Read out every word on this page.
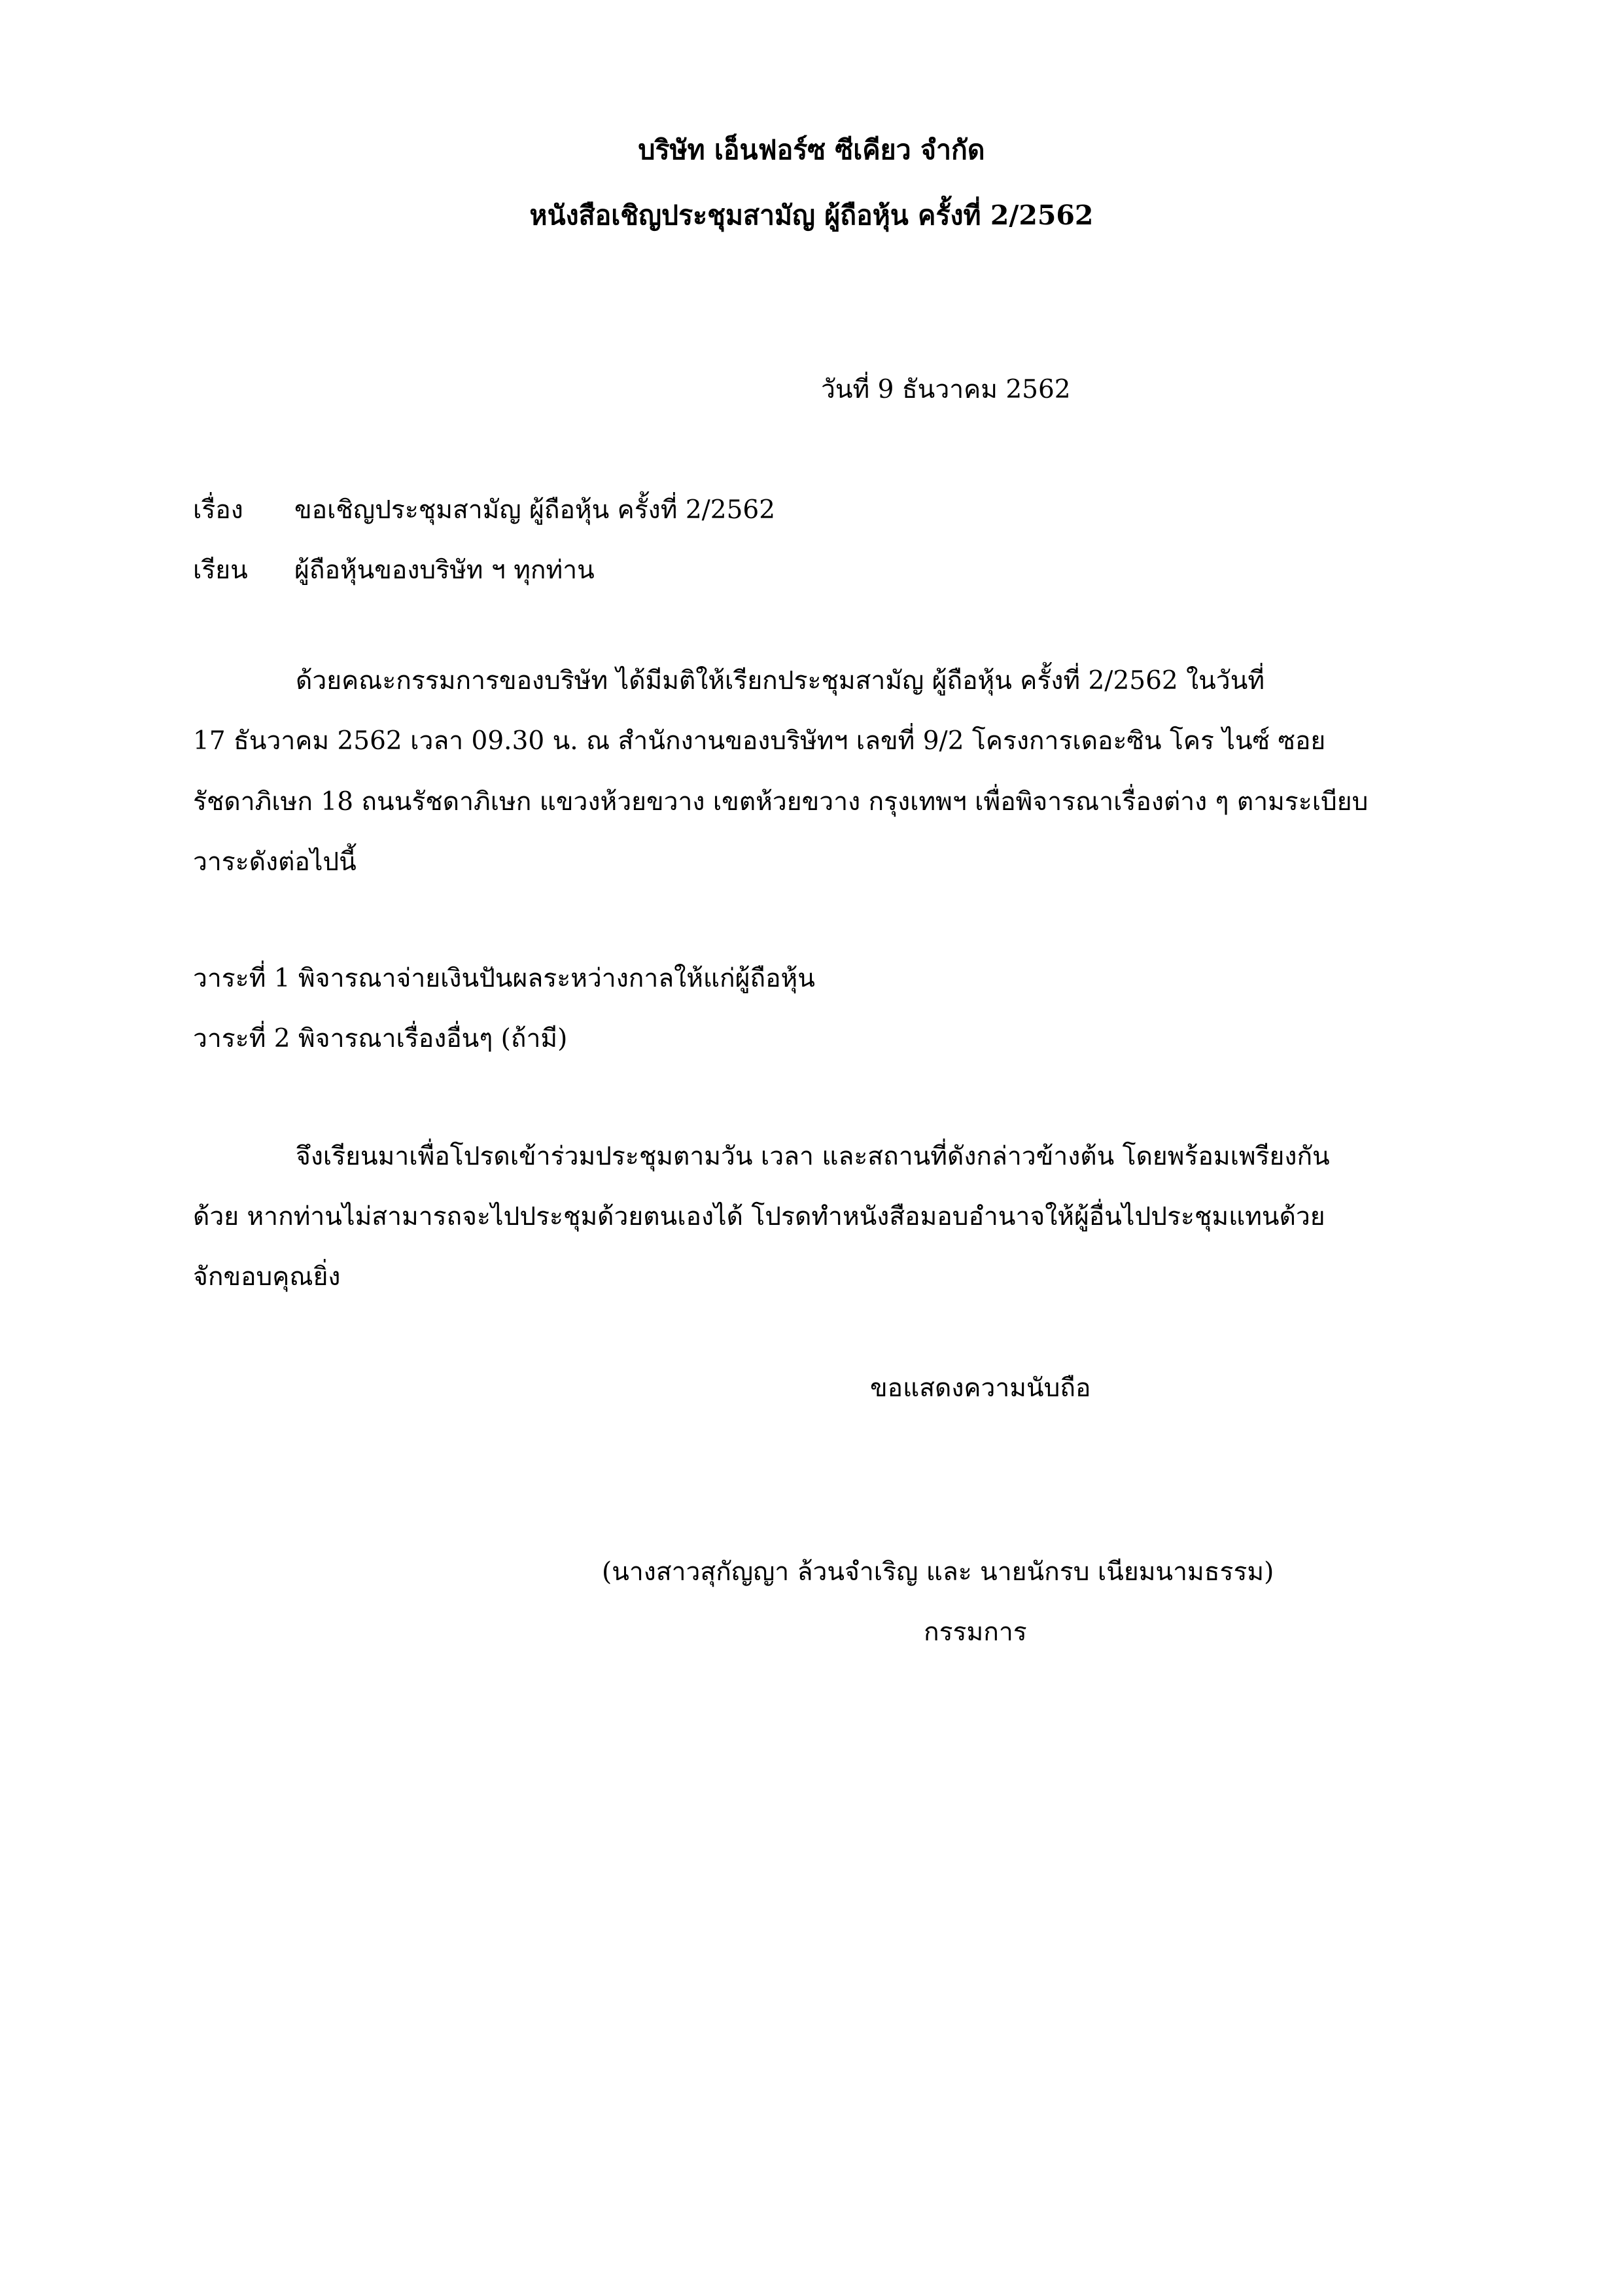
บริษัท เอ็นฟอร์ซ ซีเคียว จำกัด
หนังสือเชิญประชุมสามัญ ผู้ถือหุ้น ครั้งที่ 2/2562
วันที่ 9 ธันวาคม 2562
เรื่อง ขอเชิญประชุมสามัญ ผู้ถือหุ้น ครั้งที่ 2/2562
เรียน ผู้ถือหุ้นของบริษัท ฯ ทุกท่าน
ด้วยคณะกรรมการของบริษัท ได้มีมติให้เรียกประชุมสามัญ ผู้ถือหุ้น ครั้งที่ 2/2562 ในวันที่
17 ธันวาคม 2562 เวลา 09.30 น. ณ สำนักงานของบริษัทฯ เลขที่ 9/2 โครงการเดอะซิน โคร ไนซ์ ซอย
รัชดาภิเษก 18 ถนนรัชดาภิเษก แขวงห้วยขวาง เขตห้วยขวาง กรุงเทพฯ เพื่อพิจารณาเรื่องต่าง ๆ ตามระเบียบ
วาระดังต่อไปนี้
วาระที่ 1 พิจารณาจ่ายเงินปันผลระหว่างกาลให้แก่ผู้ถือหุ้น
วาระที่ 2 พิจารณาเรื่องอื่นๆ (ถ้ามี)
จึงเรียนมาเพื่อโปรดเข้าร่วมประชุมตามวัน เวลา และสถานที่ดังกล่าวข้างต้น โดยพร้อมเพรียงกัน
ด้วย หากท่านไม่สามารถจะไปประชุมด้วยตนเองได้ โปรดทำหนังสือมอบอำนาจให้ผู้อื่นไปประชุมแทนด้วย
จักขอบคุณยิ่ง
ขอแสดงความนับถือ
(นางสาวสุกัญญา ล้วนจำเริญ และ นายนักรบ เนียมนามธรรม)
กรรมการ
